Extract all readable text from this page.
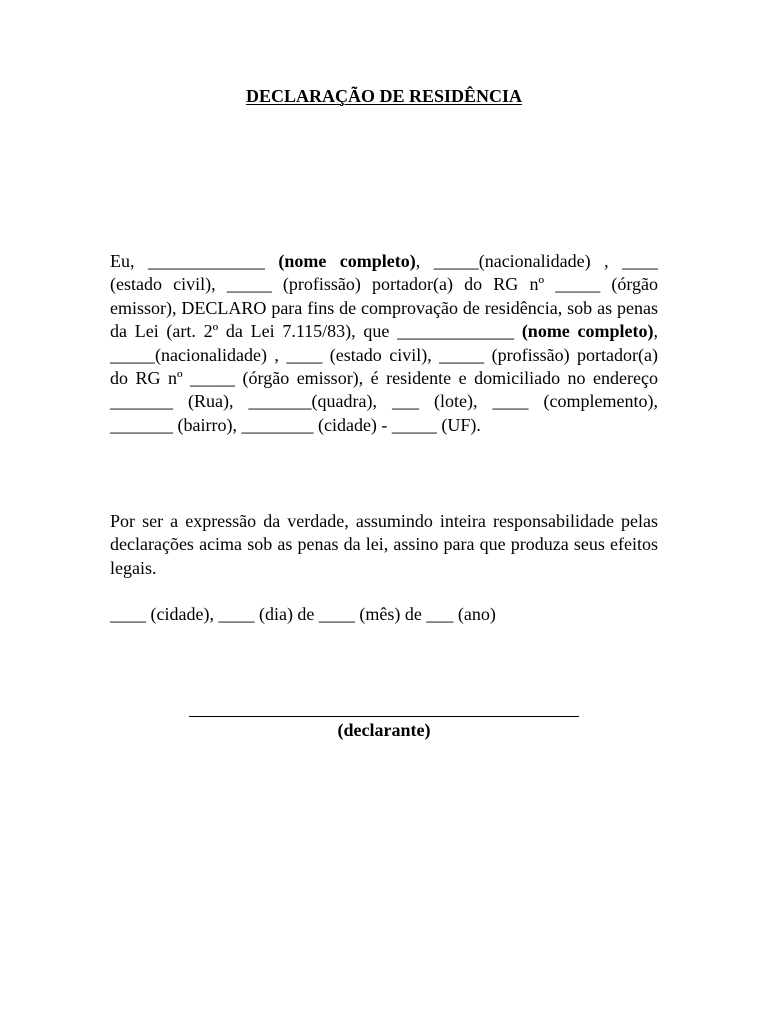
DECLARAÇÃO DE RESIDÊNCIA
Eu, _____________ (nome completo), _____(nacionalidade) , ____ (estado civil), _____ (profissão) portador(a) do RG nº _____ (órgão emissor), DECLARO para fins de comprovação de residência, sob as penas da Lei (art. 2º da Lei 7.115/83), que _____________ (nome completo), _____(nacionalidade) , ____ (estado civil), _____ (profissão) portador(a) do RG nº _____ (órgão emissor), é residente e domiciliado no endereço _______ (Rua), _______(quadra), ___ (lote), ____ (complemento), _______ (bairro), ________ (cidade) - _____ (UF).
Por ser a expressão da verdade, assumindo inteira responsabilidade pelas declarações acima sob as penas da lei, assino para que produza seus efeitos legais.
____ (cidade), ____ (dia) de ____ (mês) de ___ (ano)
(declarante)
